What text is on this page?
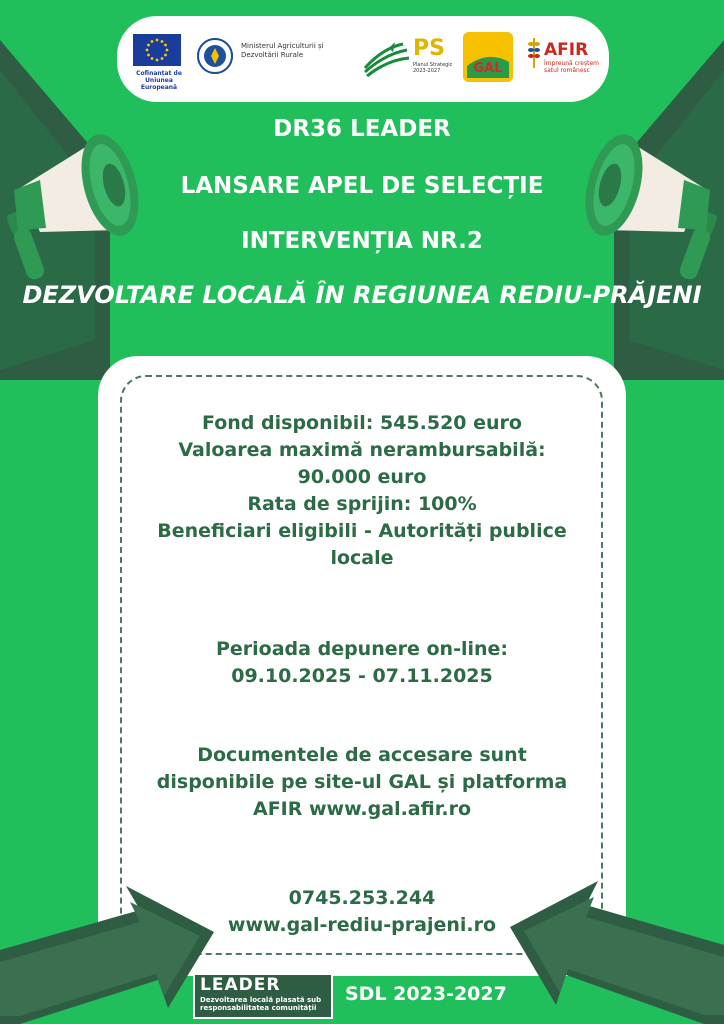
Cofinanțat de Uniunea Europeană
Ministerul Agriculturii și Dezvoltării Rurale	PS
Planul Strategic 2023-2027	GAL
AFIR
Împreună creștem satul românesc
DR36 LEADER
LANSARE APEL DE SELECȚIE
INTERVENȚIA NR.2
DEZVOLTARE LOCALĂ ÎN REGIUNEA REDIU-PRĂJENI
Fond disponibil: 545.520 euro
Valoarea maximă nerambursabilă: 90.000 euro
Rata de sprijin: 100%
Beneficiari eligibili - Autorități publice locale
Perioada depunere on-line:
09.10.2025 - 07.11.2025
Documentele de accesare sunt disponibile pe site-ul GAL și platforma AFIR www.gal.afir.ro
0745.253.244
www.gal-rediu-prajeni.ro
LEADER
Dezvoltarea locală plasată sub responsabilitatea comunității
SDL 2023-2027
